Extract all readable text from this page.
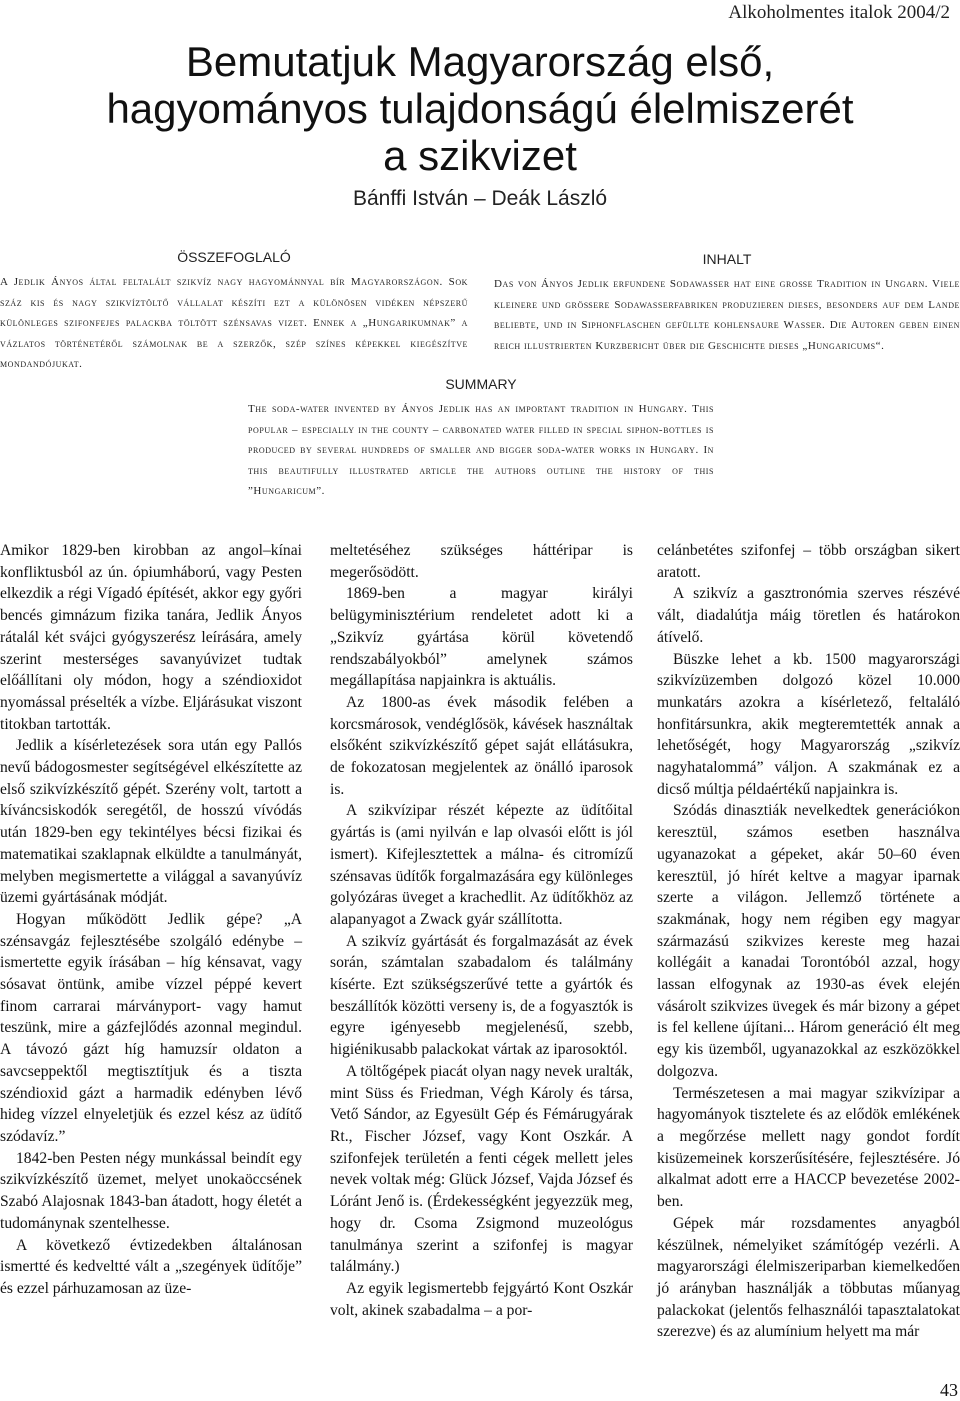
Alkoholmentes italok 2004/2
Bemutatjuk Magyarország első,
hagyományos tulajdonságú élelmiszerét
a szikvizet
Bánffi István – Deák László
ÖSSZEFOGLALÓ
A Jedlik Ányos által feltalált szikvíz nagy hagyománnyal bír Magyarországon. Sok száz kis és nagy szikvíztöltő vállalat készíti ezt a különösen vidéken népszerű különleges szifonfejes palackba töltött szénsavas vizet. Ennek a „Hungarikumnak” a vázlatos történetéről számolnak be a szerzők, szép színes képekkel kiegészítve mondandójukat.
INHALT
Das von Ányos Jedlik erfundene Sodawasser hat eine große Tradition in Ungarn. Viele kleinere und größere Sodawasserfabriken produzieren dieses, besonders auf dem Lande beliebte, und in Siphonflaschen gefüllte kohlensaure Wasser. Die Autoren geben einen reich illustrierten Kurzbericht über die Geschichte dieses „Hungaricums“.
SUMMARY
The soda-water invented by Ányos Jedlik has an important tradition in Hungary. This popular – especially in the county – carbonated water filled in special siphon-bottles is produced by several hundreds of smaller and bigger soda-water works in Hungary. In this beautifully illustrated article the authors outline the history of this ”Hungaricum”.

Amikor 1829-ben kirobban az angol–kínai konfliktusból az ún. ópiumháború, vagy Pesten elkezdik a régi Vígadó építését, akkor egy győri bencés gimnázum fizika tanára, Jedlik Ányos rátalál két svájci gyógyszerész leírására, amely szerint mesterséges savanyúvizet tudtak előállítani oly módon, hogy a széndioxidot nyomással préselték a vízbe. Eljárásukat viszont titokban tartották.

Jedlik a kísérletezések sora után egy Pallós nevű bádogosmester segítségével elkészítette az első szikvízkészítő gépét. Szerény volt, tartott a kíváncsiskodók seregétől, de hosszú vívódás után 1829-ben egy tekintélyes bécsi fizikai és matematikai szaklapnak elküldte a tanulmányát, melyben megismertette a világgal a savanyúvíz üzemi gyártásának módját.

Hogyan működött Jedlik gépe? „A szénsavgáz fejlesztésébe szolgáló edénybe – ismertette egyik írásában – híg kénsavat, vagy sósavat öntünk, amibe vízzel péppé kevert finom carrarai márványport- vagy hamut teszünk, mire a gázfejlődés azonnal megindul. A távozó gázt híg hamuzsír oldaton a savcseppektől megtisztítjuk és a tiszta széndioxid gázt a harmadik edényben lévő hideg vízzel elnyeletjük és ezzel kész az üdítő szódavíz.”

1842-ben Pesten négy munkással beindít egy szikvízkészítő üzemet, melyet unokaöccsének Szabó Alajosnak 1843-ban átadott, hogy életét a tudománynak szentelhesse.

A következő évtizedekben általánosan ismertté és kedveltté vált a „szegények üdítője” és ezzel párhuzamosan az üze-

meltetéséhez szükséges háttéripar is megerősödött.

1869-ben a magyar királyi belügyminisztérium rendeletet adott ki a „Szikvíz gyártása körül követendő rendszabályokból” amelynek számos megállapítása napjainkra is aktuális.

Az 1800-as évek második felében a korcsmárosok, vendéglősök, kávések használtak elsőként szikvízkészítő gépet saját ellátásukra, de fokozatosan megjelentek az önálló iparosok is.

A szikvízipar részét képezte az üdítőital gyártás is (ami nyilván e lap olvasói előtt is jól ismert). Kifejlesztettek a málna- és citromízű szénsavas üdítők forgalmazására egy különleges golyózáras üveget a krachedlit. Az üdítőkhöz az alapanyagot a Zwack gyár szállította.

A szikvíz gyártását és forgalmazását az évek során, számtalan szabadalom és találmány kísérte. Ezt szükségszerűvé tette a gyártók és beszállítók közötti verseny is, de a fogyasztók is egyre igényesebb megjelenésű, szebb, higiénikusabb palackokat vártak az iparosoktól.

A töltőgépek piacát olyan nagy nevek uralták, mint Süss és Friedman, Végh Károly és társa, Vető Sándor, az Egyesült Gép és Fémárugyárak Rt., Fischer József, vagy Kont Oszkár. A szifonfejek területén a fenti cégek mellett jeles nevek voltak még: Glück József, Vajda József és Lóránt Jenő is. (Érdekességként jegyezzük meg, hogy dr. Csoma Zsigmond muzeológus tanulmánya szerint a szifonfej is magyar találmány.)

Az egyik legismertebb fejgyártó Kont Oszkár volt, akinek szabadalma – a por-

celánbetétes szifonfej – több országban sikert aratott.

A szikvíz a gasztronómia szerves részévé vált, diadalútja máig töretlen és határokon átívelő.

Büszke lehet a kb. 1500 magyarországi szikvízüzemben dolgozó közel 10.000 munkatárs azokra a kísérletező, feltaláló honfitársunkra, akik megteremtették annak a lehetőségét, hogy Magyarország „szikvíz nagyhatalommá” váljon. A szakmának ez a dicső múltja példaértékű napjainkra is.

Szódás dinasztiák nevelkedtek generációkon keresztül, számos esetben használva ugyanazokat a gépeket, akár 50–60 éven keresztül, jó hírét keltve a magyar iparnak szerte a világon. Jellemző története a szakmának, hogy nem régiben egy magyar származású szikvizes kereste meg hazai kollégáit a kanadai Torontóból azzal, hogy lassan elfogynak az 1930-as évek elején vásárolt szikvizes üvegek és már bizony a gépet is fel kellene újítani... Három generáció élt meg egy kis üzemből, ugyanazokkal az eszközökkel dolgozva.

Természetesen a mai magyar szikvízipar a hagyományok tisztelete és az elődök emlékének a megőrzése mellett nagy gondot fordít kisüzemeinek korszerűsítésére, fejlesztésére. Jó alkalmat adott erre a HACCP bevezetése 2002-ben.

Gépek már rozsdamentes anyagból készülnek, némelyiket számítógép vezérli. A magyarországi élelmiszeriparban kiemelkedően jó arányban használják a többutas műanyag palackokat (jelentős felhasználói tapasztalatokat szerezve) és az alumínium helyett ma már

43
